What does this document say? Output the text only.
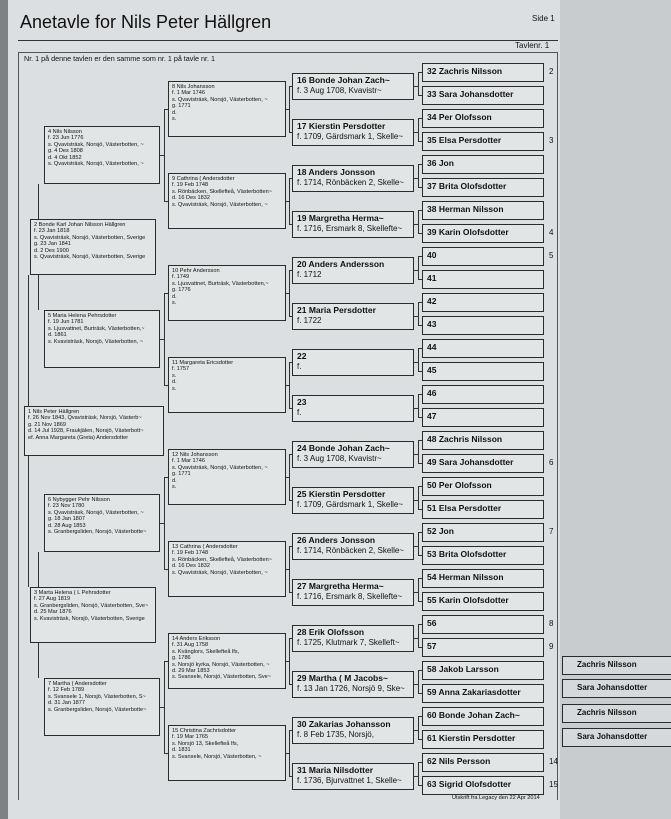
Anetavle for Nils Peter Hällgren	Side 1
Tavlenr. 1
Nr. 1 på denne tavlen er den samme som nr. 1 på tavle nr. 1
Utskrift fra Legacy den 22 Apr 2014
32 Zachris Nilsson
33 Sara Johansdotter
34 Per Olofsson
35 Elsa Persdotter
36 Jon
37 Brita Olofsdotter
38 Herman Nilsson
39 Karin Olofsdotter
40
41
42
43
44
45
46
47
48 Zachris Nilsson
49 Sara Johansdotter
50 Per Olofsson
51 Elsa Persdotter
52 Jon
53 Brita Olofsdotter
54 Herman Nilsson
55 Karin Olofsdotter
56
57
58 Jakob Larsson
59 Anna Zakariasdotter
60 Bonde Johan Zach~
61 Kierstin Persdotter
62 Nils Persson
63 Sigrid Olofsdotter
16 Bonde Johan Zach~
f. 3 Aug 1708, Kvavistr~
17 Kierstin Persdotter
f. 1709, Gärdsmark 1, Skelle~
18 Anders Jonsson
f. 1714, Rönbäcken 2, Skelle~
19 Margretha Herma~
f. 1716, Ersmark 8, Skellefte~
20 Anders Andersson
f. 1712
21 Maria Persdotter
f. 1722
22
f.
23
f.
24 Bonde Johan Zach~
f. 3 Aug 1708, Kvavistr~
25 Kierstin Persdotter
f. 1709, Gärdsmark 1, Skelle~
26 Anders Jonsson
f. 1714, Rönbäcken 2, Skelle~
27 Margretha Herma~
f. 1716, Ersmark 8, Skellefte~
28 Erik Olofsson
f. 1725, Klutmark 7, Skelleft~
29 Martha ( M Jacobs~
f. 13 Jan 1726, Norsjö 9, Ske~
30 Zakarias Johansson
f. 8 Feb 1735, Norsjö,
31 Maria Nilsdotter
f. 1736, Bjurvattnet 1, Skelle~
8 Nils Johansson
f. 1 Mar 1746
s. Qvavisträsk, Norsjö, Västerbotten, ~
g. 1771
d.
s.
9 Cathrina ( Andersdotter
f. 19 Feb 1748
s. Rönbäcken, Skellefteå, Västerbotten~
d. 16 Des 1832
s. Qvavisträsk, Norsjö, Västerbotten, ~
10 Pehr Andersson
f. 1749
s. Ljusvattnet, Burträsk, Västerbotten,~
g. 1776
d.
s.
11 Margareta Ericsdotter
f. 1757
s.
d.
s.
12 Nils Johansson
f. 1 Mar 1746
s. Qvavisträsk, Norsjö, Västerbotten, ~
g. 1771
d.
s.
13 Cathrina ( Andersdotter
f. 19 Feb 1748
s. Rönbäcken, Skellefteå, Västerbotten~
d. 16 Des 1832
s. Qvavisträsk, Norsjö, Västerbotten, ~
14 Anders Eriksson
f. 31 Aug 1758
s. Kvänglors, Skellefteå lfs,
g. 1786
s. Norsjö kyrka, Norsjö, Västerbotten, ~
d. 29 Mar 1853
s. Svansele, Norsjö, Västerbotten, Sve~
15 Christina Zachrisdotter
f. 19 Mar 1765
s. Norsjö 13, Skellefteå lfs,
d. 1831
s. Svansele, Norsjö, Västerbotten, ~
4 Nils Nilsson
f. 23 Jun 1776
s. Qvavisträsk, Norsjö, Västerbotten, ~
g. 4 Des 1808
d. 4 Okt 1852
s. Qvavisträsk, Norsjö, Västerbotten, ~
5 Maria Helena Pehrsdotter
f. 19 Jun 1781
s. Ljusvattnet, Burträsk, Västerbotten,~
d. 1861
s. Kvavisträsk, Norsjö, Västerbotten, ~
6 Nybygger Pehr Nilsson
f. 23 Nov 1780
s. Qvavisträsk, Norsjö, Västerbotten, ~
g. 18 Jan 1807
d. 28 Aug 1853
s. Granbergsliden, Norsjö, Västerbotte~
7 Martha ( Andersdotter
f. 12 Feb 1789
s. Svansele 1, Norsjö, Västerbotten, S~
d. 31 Jan 1877
s. Granbergsliden, Norsjö, Västerbotte~
2 Bonde Karl Johan Nilsson Hällgren
f. 23 Jan 1818
s. Qvavisträsk, Norsjö, Västerbotten, Sverige
g. 23 Jan 1841
d. 2 Des 1900
s. Qvavisträsk, Norsjö, Västerbotten, Sverige
3 Marta Helena ( L Pehrsdotter
f. 27 Aug 1819
s. Granbergsliden, Norsjö, Västerbotten, Sve~
d. 25 Mar 1876
s. Kvavisträsk, Norsjö, Västerbotten, Sverige
1 Nils Peter Hällgren
f. 26 Nov 1843, Qvavisträsk, Norsjö, Västerb~
g. 21 Nov 1869
d. 14 Jul 1928, Fraukjälen, Norsjö, Västerbott~
ef. Anna Margareta (Greta) Andersdotter
2
3
4
5
6
7
8
9
14
15
Zachris Nilsson
Sara Johansdotter
Zachris Nilsson
Sara Johansdotter
